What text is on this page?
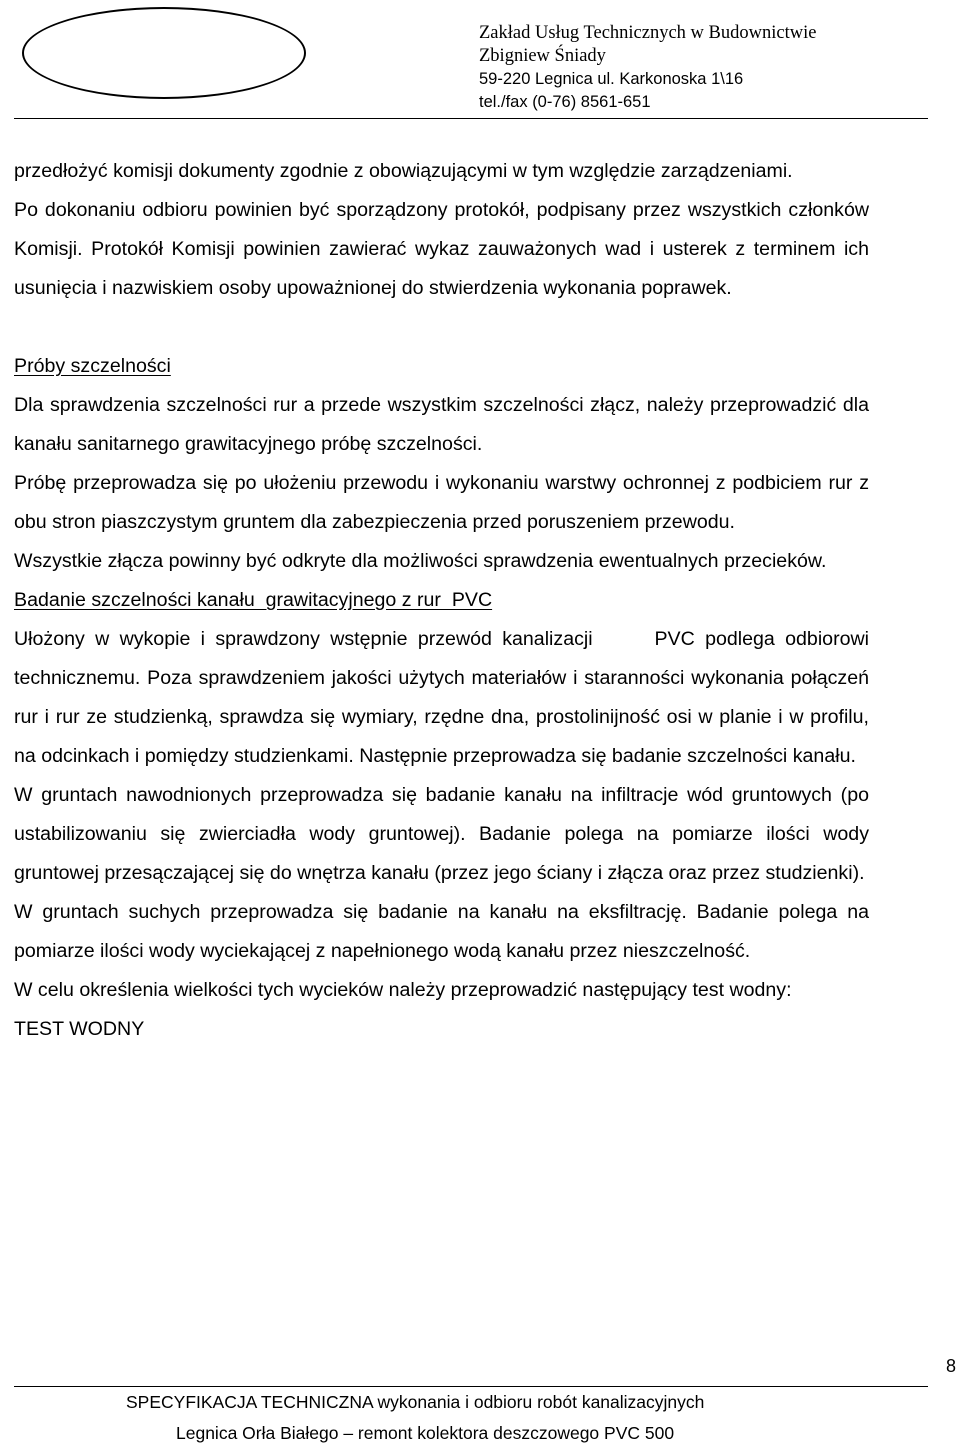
Zakład Usług Technicznych w Budownictwie
Zbigniew Śniady
59-220 Legnica ul. Karkonoska 1\16
tel./fax (0-76) 8561-651

przedłożyć komisji dokumenty zgodnie z obowiązującymi w tym względzie zarządzeniami.

Po dokonaniu odbioru powinien być sporządzony protokół, podpisany przez wszystkich członków Komisji. Protokół Komisji powinien zawierać wykaz zauważonych wad i usterek z terminem ich usunięcia i nazwiskiem osoby upoważnionej do stwierdzenia wykonania poprawek.

Próby szczelności

Dla sprawdzenia szczelności rur a przede wszystkim szczelności złącz, należy przeprowadzić dla kanału sanitarnego grawitacyjnego próbę szczelności.

Próbę przeprowadza się po ułożeniu przewodu i wykonaniu warstwy ochronnej z podbiciem rur z obu stron piaszczystym gruntem dla zabezpieczenia przed poruszeniem przewodu.

Wszystkie złącza powinny być odkryte dla możliwości sprawdzenia ewentualnych przecieków.

Badanie szczelności kanału  grawitacyjnego z rur  PVC

Ułożony w wykopie i sprawdzony wstępnie przewód kanalizacji      PVC podlega odbiorowi technicznemu. Poza sprawdzeniem jakości użytych materiałów i staranności wykonania połączeń rur i rur ze studzienką, sprawdza się wymiary, rzędne dna, prostolinijność osi w planie i w profilu, na odcinkach i pomiędzy studzienkami. Następnie przeprowadza się badanie szczelności kanału.

W gruntach nawodnionych przeprowadza się badanie kanału na infiltracje wód gruntowych (po ustabilizowaniu się zwierciadła wody gruntowej). Badanie polega na pomiarze ilości wody gruntowej przesączającej się do wnętrza kanału (przez jego ściany i złącza oraz przez studzienki).

W gruntach suchych przeprowadza się badanie na kanału na eksfiltrację. Badanie polega na pomiarze ilości wody wyciekającej z napełnionego wodą kanału przez nieszczelność.

W celu określenia wielkości tych wycieków należy przeprowadzić następujący test wodny:

TEST WODNY

8
SPECYFIKACJA TECHNICZNA wykonania i odbioru robót kanalizacyjnych
Legnica Orła Białego – remont kolektora deszczowego PVC 500
